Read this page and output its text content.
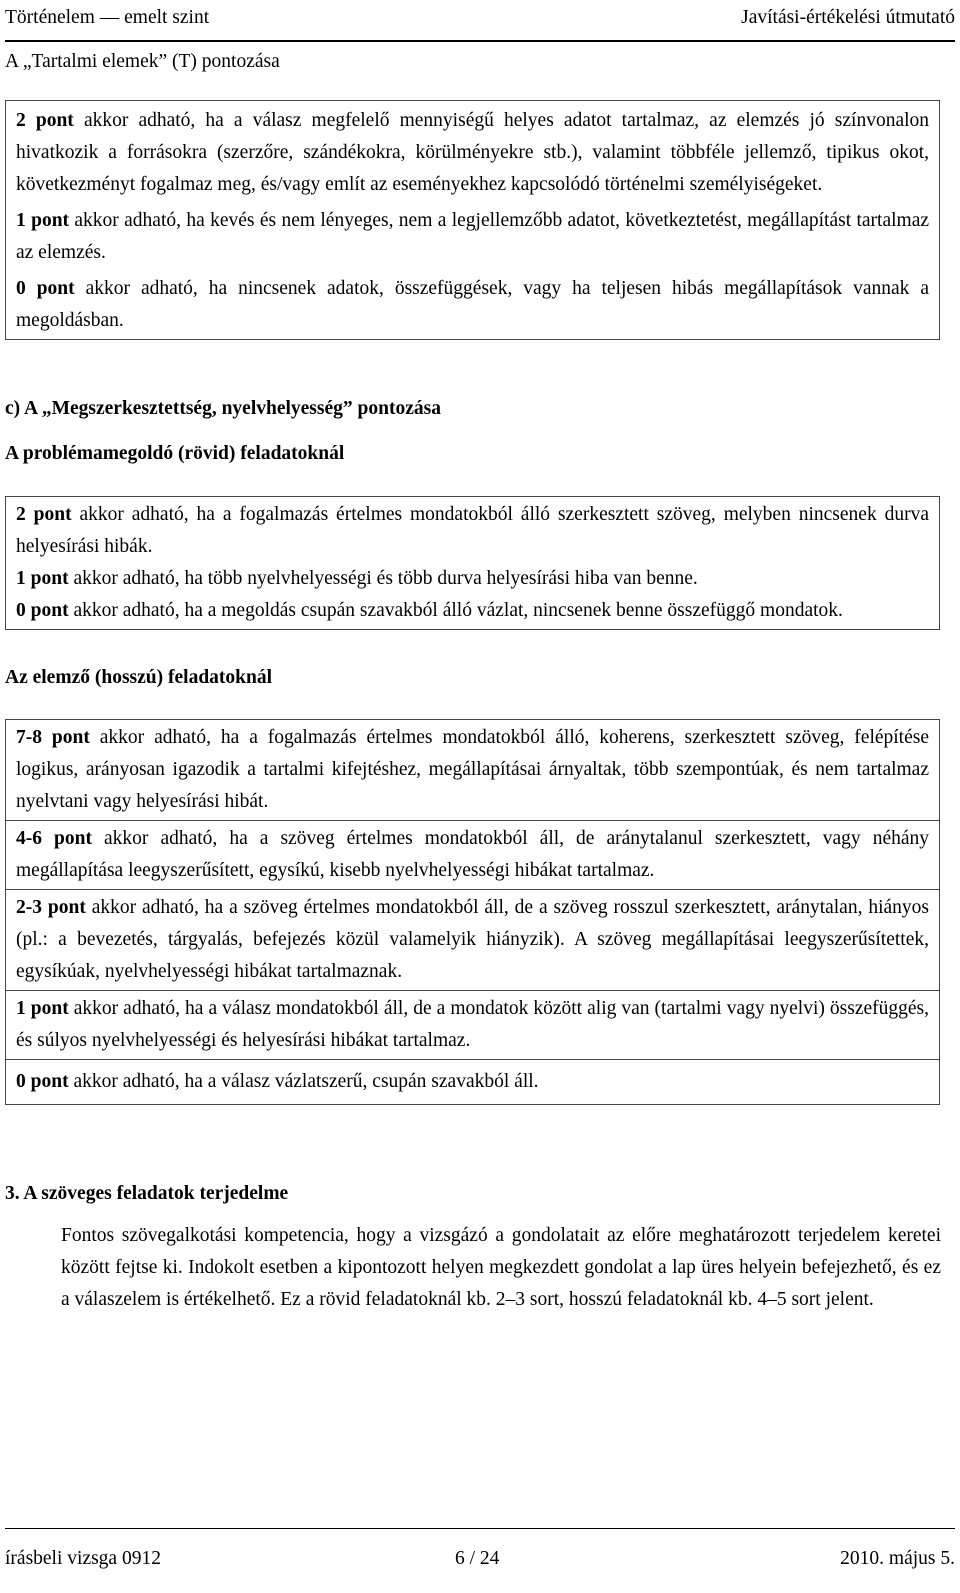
Történelem — emelt szint	Javítási-értékelési útmutató
A „Tartalmi elemek” (T) pontozása
2 pont akkor adható, ha a válasz megfelelő mennyiségű helyes adatot tartalmaz, az elemzés jó színvonalon hivatkozik a forrásokra (szerzőre, szándékokra, körülményekre stb.), valamint többféle jellemző, tipikus okot, következményt fogalmaz meg, és/vagy említ az eseményekhez kapcsolódó történelmi személyiségeket.
1 pont akkor adható, ha kevés és nem lényeges, nem a legjellemzőbb adatot, következtetést, megállapítást tartalmaz az elemzés.
0 pont akkor adható, ha nincsenek adatok, összefüggések, vagy ha teljesen hibás megállapítások vannak a megoldásban.
c) A „Megszerkesztettség, nyelvhelyesség” pontozása
A problémamegoldó (rövid) feladatoknál
2 pont akkor adható, ha a fogalmazás értelmes mondatokból álló szerkesztett szöveg, melyben nincsenek durva helyesírási hibák.
1 pont akkor adható, ha több nyelvhelyességi és több durva helyesírási hiba van benne.
0 pont akkor adható, ha a megoldás csupán szavakból álló vázlat, nincsenek benne összefüggő mondatok.
Az elemző (hosszú) feladatoknál
7-8 pont akkor adható, ha a fogalmazás értelmes mondatokból álló, koherens, szerkesztett szöveg, felépítése logikus, arányosan igazodik a tartalmi kifejtéshez, megállapításai árnyaltak, több szempontúak, és nem tartalmaz nyelvtani vagy helyesírási hibát.
4-6 pont akkor adható, ha a szöveg értelmes mondatokból áll, de aránytalanul szerkesztett, vagy néhány megállapítása leegyszerűsített, egysíkú, kisebb nyelvhelyességi hibákat tartalmaz.
2-3 pont akkor adható, ha a szöveg értelmes mondatokból áll, de a szöveg rosszul szerkesztett, aránytalan, hiányos (pl.: a bevezetés, tárgyalás, befejezés közül valamelyik hiányzik). A szöveg megállapításai leegyszerűsítettek, egysíkúak, nyelvhelyességi hibákat tartalmaznak.
1 pont akkor adható, ha a válasz mondatokból áll, de a mondatok között alig van (tartalmi vagy nyelvi) összefüggés, és súlyos nyelvhelyességi és helyesírási hibákat tartalmaz.
0 pont akkor adható, ha a válasz vázlatszerű, csupán szavakból áll.
3. A szöveges feladatok terjedelme

Fontos szövegalkotási kompetencia, hogy a vizsgázó a gondolatait az előre meghatározott terjedelem keretei között fejtse ki. Indokolt esetben a kipontozott helyen megkezdett gondolat a lap üres helyein befejezhető, és ez a válaszelem is értékelhető. Ez a rövid feladatoknál kb. 2–3 sort, hosszú feladatoknál kb. 4–5 sort jelent.

írásbeli vizsga 0912	6 / 24	2010. május 5.
